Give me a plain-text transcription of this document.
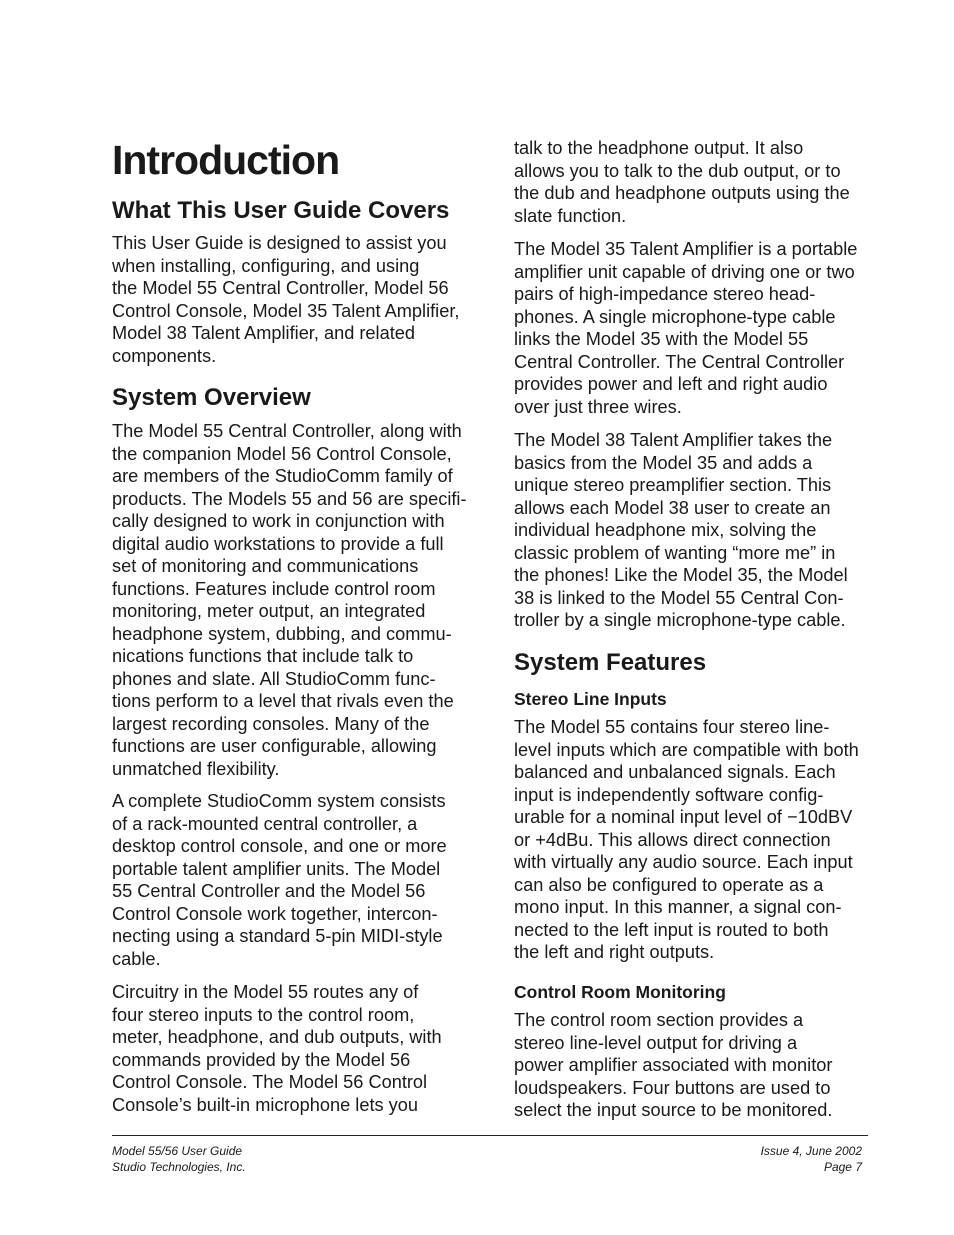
Introduction
What This User Guide Covers

This User Guide is designed to assist you
when installing, configuring, and using
the Model 55 Central Controller, Model 56
Control Console, Model 35 Talent Amplifier,
Model 38 Talent Amplifier, and related
components.

System Overview

The Model 55 Central Controller, along with
the companion Model 56 Control Console,
are members of the StudioComm family of
products. The Models 55 and 56 are specifi-
cally designed to work in conjunction with
digital audio workstations to provide a full
set of monitoring and communications
functions. Features include control room
monitoring, meter output, an integrated
headphone system, dubbing, and commu-
nications functions that include talk to
phones and slate. All StudioComm func-
tions perform to a level that rivals even the
largest recording consoles. Many of the
functions are user configurable, allowing
unmatched flexibility.

A complete StudioComm system consists
of a rack-mounted central controller, a
desktop control console, and one or more
portable talent amplifier units. The Model
55 Central Controller and the Model 56
Control Console work together, intercon-
necting using a standard 5-pin MIDI-style
cable.

Circuitry in the Model 55 routes any of
four stereo inputs to the control room,
meter, headphone, and dub outputs, with
commands provided by the Model 56
Control Console. The Model 56 Control
Console’s built-in microphone lets you

talk to the headphone output. It also
allows you to talk to the dub output, or to
the dub and headphone outputs using the
slate function.

The Model 35 Talent Amplifier is a portable
amplifier unit capable of driving one or two
pairs of high-impedance stereo head-
phones. A single microphone-type cable
links the Model 35 with the Model 55
Central Controller. The Central Controller
provides power and left and right audio
over just three wires.

The Model 38 Talent Amplifier takes the
basics from the Model 35 and adds a
unique stereo preamplifier section. This
allows each Model 38 user to create an
individual headphone mix, solving the
classic problem of wanting “more me” in
the phones! Like the Model 35, the Model
38 is linked to the Model 55 Central Con-
troller by a single microphone-type cable.

System Features
Stereo Line Inputs

The Model 55 contains four stereo line-
level inputs which are compatible with both
balanced and unbalanced signals. Each
input is independently software config-
urable for a nominal input level of −10dBV
or +4dBu. This allows direct connection
with virtually any audio source. Each input
can also be configured to operate as a
mono input. In this manner, a signal con-
nected to the left input is routed to both
the left and right outputs.

Control Room Monitoring

The control room section provides a
stereo line-level output for driving a
power amplifier associated with monitor
loudspeakers. Four buttons are used to
select the input source to be monitored.

Model 55/56 User Guide
Studio Technologies, Inc.
Issue 4, June 2002
Page 7
